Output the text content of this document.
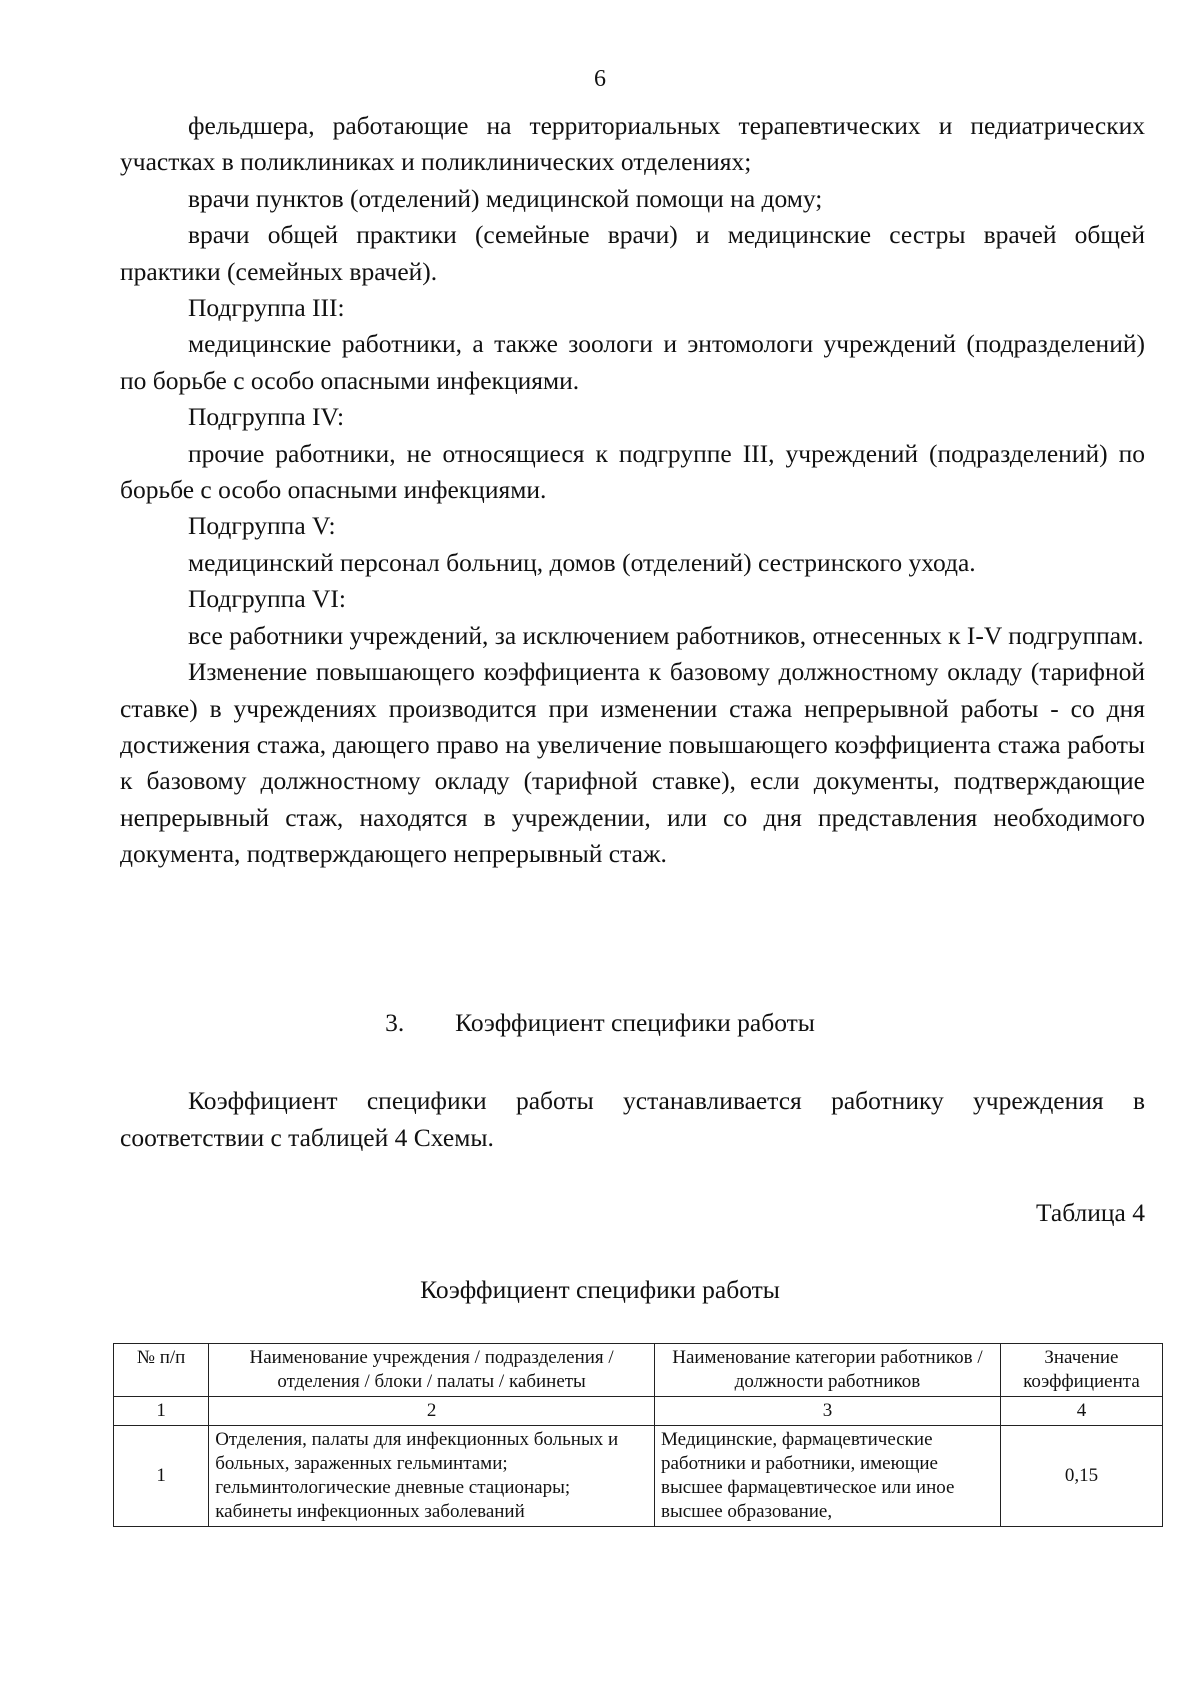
6

фельдшера, работающие на территориальных терапевтических и педиатрических участках в поликлиниках и поликлинических отделениях;

врачи пунктов (отделений) медицинской помощи на дому;

врачи общей практики (семейные врачи) и медицинские сестры врачей общей практики (семейных врачей).

Подгруппа III:

медицинские работники, а также зоологи и энтомологи учреждений (подразделений) по борьбе с особо опасными инфекциями.

Подгруппа IV:

прочие работники, не относящиеся к подгруппе III, учреждений (подразделений) по борьбе с особо опасными инфекциями.

Подгруппа V:

медицинский персонал больниц, домов (отделений) сестринского ухода.

Подгруппа VI:

все работники учреждений, за исключением работников, отнесенных к I-V подгруппам.

Изменение повышающего коэффициента к базовому должностному окладу (тарифной ставке) в учреждениях производится при изменении стажа непрерывной работы - со дня достижения стажа, дающего право на увеличение повышающего коэффициента стажа работы к базовому должностному окладу (тарифной ставке), если документы, подтверждающие непрерывный стаж, находятся в учреждении, или со дня представления необходимого документа, подтверждающего непрерывный стаж.

3. Коэффициент специфики работы

Коэффициент специфики работы устанавливается работнику учреждения в соответствии с таблицей 4 Схемы.

Таблица 4
Коэффициент специфики работы
№ п/п	Наименование учреждения / подразделения / отделения / блоки / палаты / кабинеты	Наименование категории работников / должности работников	Значение коэффициента
1	2	3	4
1	Отделения, палаты для инфекционных больных и больных, зараженных гельминтами; гельминтологические дневные стационары; кабинеты инфекционных заболеваний	Медицинские, фармацевтические работники и работники, имеющие высшее фармацевтическое или иное высшее образование,	0,15
